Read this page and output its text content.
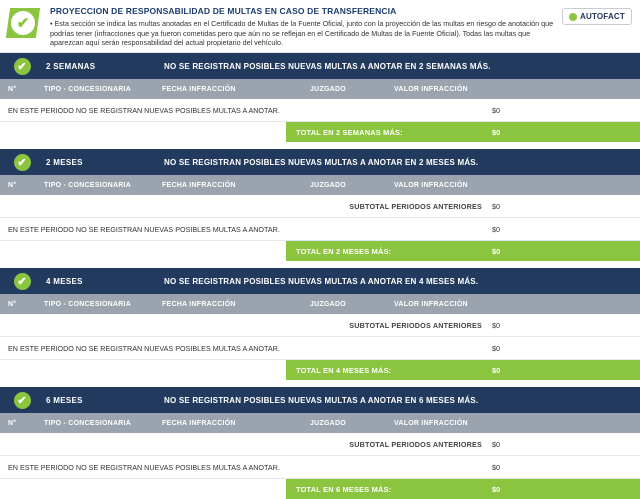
✔
PROYECCION DE RESPONSABILIDAD DE MULTAS EN CASO DE TRANSFERENCIA
• Esta sección se indica las multas anotadas en el Certificado de Multas de la Fuente Oficial, junto con la proyección de las multas en riesgo de anotación que podrías tener (infracciones que ya fueron cometidas pero que aún no se reflejan en el Certificado de Multas de la Fuente Oficial). Todas las multas que aparezcan aquí serán responsabilidad del actual propietario del vehículo.
AUTOFACT
✔	2 SEMANAS	NO SE REGISTRAN POSIBLES NUEVAS MULTAS A ANOTAR EN 2 SEMANAS MÁS.
N°	TIPO - CONCESIONARIA	FECHA INFRACCIÓN	JUZGADO	VALOR INFRACCIÓN
EN ESTE PERIODO NO SE REGISTRAN NUEVAS POSIBLES MULTAS A ANOTAR.	$0
TOTAL EN 2 SEMANAS MÁS:	$0
✔	2 MESES	NO SE REGISTRAN POSIBLES NUEVAS MULTAS A ANOTAR EN 2 MESES MÁS.
N°	TIPO - CONCESIONARIA	FECHA INFRACCIÓN	JUZGADO	VALOR INFRACCIÓN
SUBTOTAL PERIODOS ANTERIORES	$0
EN ESTE PERIODO NO SE REGISTRAN NUEVAS POSIBLES MULTAS A ANOTAR.	$0
TOTAL EN 2 MESES MÁS:	$0
✔	4 MESES	NO SE REGISTRAN POSIBLES NUEVAS MULTAS A ANOTAR EN 4 MESES MÁS.
N°	TIPO - CONCESIONARIA	FECHA INFRACCIÓN	JUZGADO	VALOR INFRACCIÓN
SUBTOTAL PERIODOS ANTERIORES	$0
EN ESTE PERIODO NO SE REGISTRAN NUEVAS POSIBLES MULTAS A ANOTAR.	$0
TOTAL EN 4 MESES MÁS:	$0
✔	6 MESES	NO SE REGISTRAN POSIBLES NUEVAS MULTAS A ANOTAR EN 6 MESES MÁS.
N°	TIPO - CONCESIONARIA	FECHA INFRACCIÓN	JUZGADO	VALOR INFRACCIÓN
SUBTOTAL PERIODOS ANTERIORES	$0
EN ESTE PERIODO NO SE REGISTRAN NUEVAS POSIBLES MULTAS A ANOTAR.	$0
TOTAL EN 6 MESES MÁS:	$0
